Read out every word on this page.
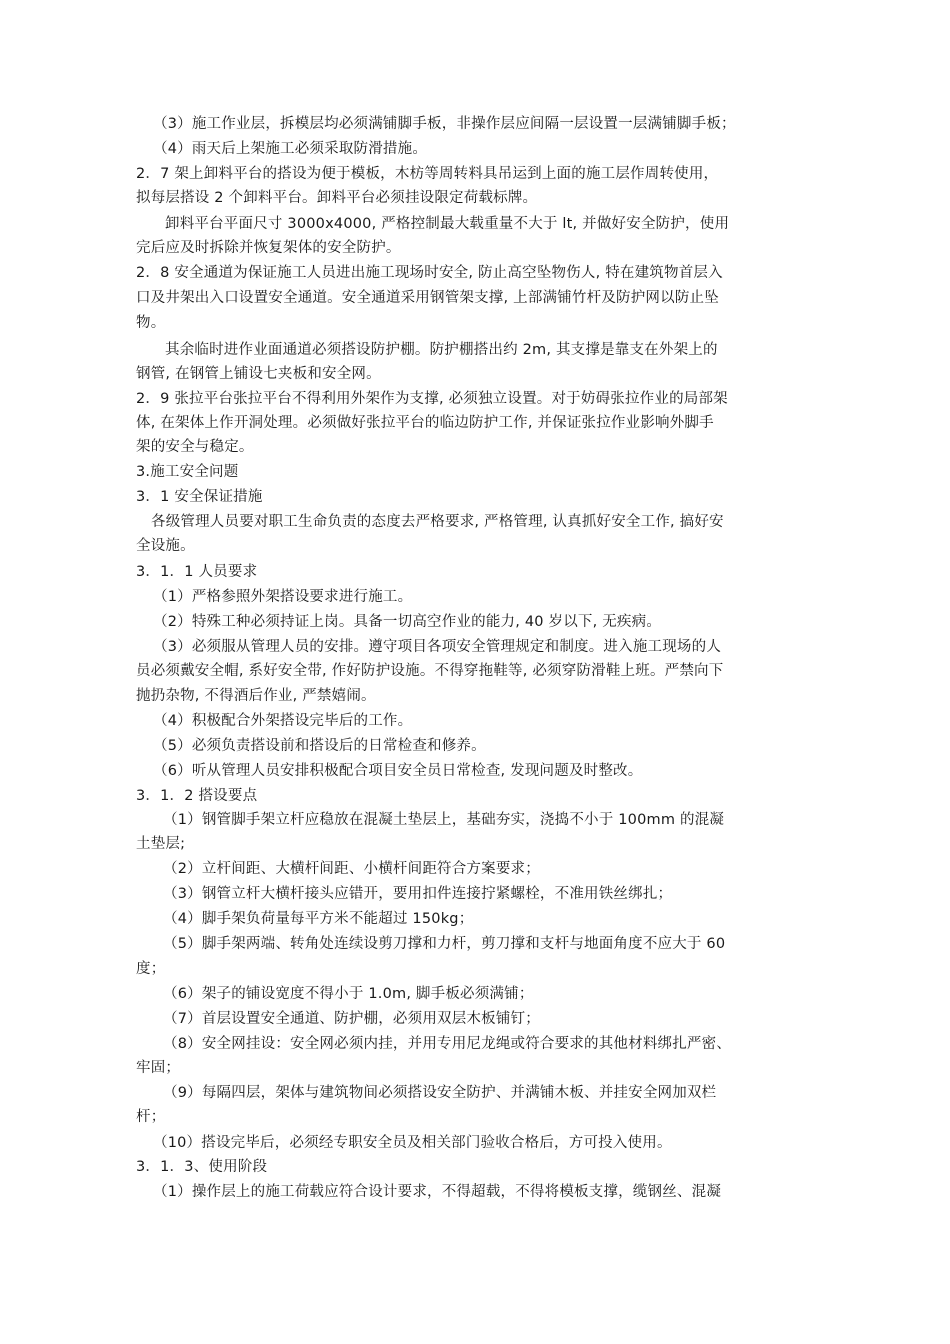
（3）施工作业层，拆模层均必须满铺脚手板，非操作层应间隔一层设置一层满铺脚手板；
（4）雨天后上架施工必须采取防滑措施。
2．7 架上卸料平台的搭设为便于模板，木枋等周转料具吊运到上面的施工层作周转使用，
拟每层搭设 2 个卸料平台。卸料平台必须挂设限定荷载标牌。
卸料平台平面尺寸 3000x4000, 严格控制最大载重量不大于 lt, 并做好安全防护，使用
完后应及时拆除并恢复架体的安全防护。
2．8 安全通道为保证施工人员进出施工现场时安全, 防止高空坠物伤人, 特在建筑物首层入
口及井架出入口设置安全通道。安全通道采用钢管架支撑, 上部满铺竹杆及防护网以防止坠
物。
其余临时进作业面通道必须搭设防护棚。防护棚搭出约 2m, 其支撑是靠支在外架上的
钢管, 在钢管上铺设七夹板和安全网。
2．9 张拉平台张拉平台不得利用外架作为支撑, 必须独立设置。对于妨碍张拉作业的局部架
体, 在架体上作开洞处理。必须做好张拉平台的临边防护工作, 并保证张拉作业影响外脚手
架的安全与稳定。
3.施工安全问题
3．1 安全保证措施
各级管理人员要对职工生命负责的态度去严格要求, 严格管理, 认真抓好安全工作, 搞好安
全设施。
3．1．1 人员要求
（1）严格参照外架搭设要求进行施工。
（2）特殊工种必须持证上岗。具备一切高空作业的能力, 40 岁以下, 无疾病。
（3）必须服从管理人员的安排。遵守项目各项安全管理规定和制度。进入施工现场的人
员必须戴安全帽, 系好安全带, 作好防护设施。不得穿拖鞋等, 必须穿防滑鞋上班。严禁向下
抛扔杂物, 不得酒后作业, 严禁嬉闹。
（4）积极配合外架搭设完毕后的工作。
（5）必须负责搭设前和搭设后的日常检查和修养。
（6）听从管理人员安排积极配合项目安全员日常检查, 发现问题及时整改。
3．1．2 搭设要点
（1）钢管脚手架立杆应稳放在混凝土垫层上，基础夯实，浇捣不小于 100mm 的混凝
土垫层;
（2）立杆间距、大横杆间距、小横杆间距符合方案要求；
（3）钢管立杆大横杆接头应错开，要用扣件连接拧紧螺栓，不准用铁丝绑扎；
（4）脚手架负荷量每平方米不能超过 150kg；
（5）脚手架两端、转角处连续设剪刀撑和力杆，剪刀撑和支杆与地面角度不应大于 60
度；
（6）架子的铺设宽度不得小于 1.0m, 脚手板必须满铺；
（7）首层设置安全通道、防护棚，必须用双层木板铺钉；
（8）安全网挂设：安全网必须内挂，并用专用尼龙绳或符合要求的其他材料绑扎严密、
牢固；
（9）每隔四层，架体与建筑物间必须搭设安全防护、并满铺木板、并挂安全网加双栏
杆；
（10）搭设完毕后，必须经专职安全员及相关部门验收合格后，方可投入使用。
3．1．3、使用阶段
（1）操作层上的施工荷载应符合设计要求，不得超载，不得将模板支撑，缆钢丝、混凝
